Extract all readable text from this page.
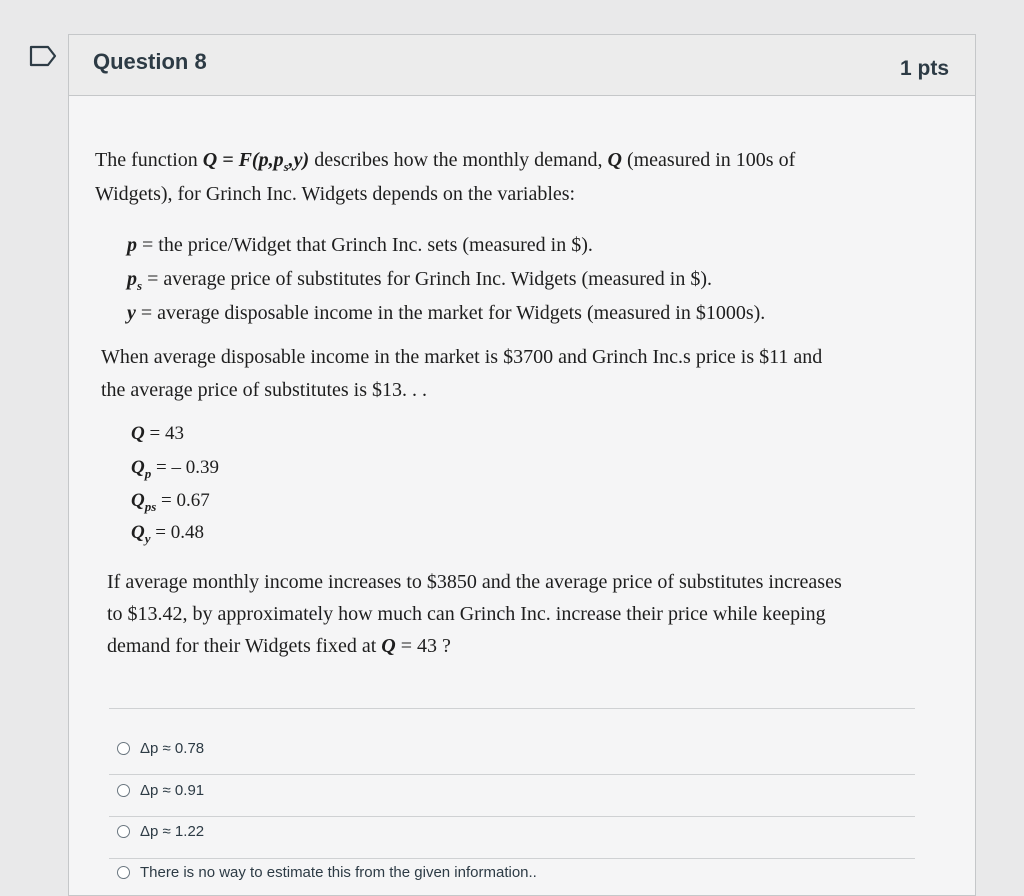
Question 8	1 pts
The function $Q = F(p,p_s,y)$ describes how the monthly demand, Q (measured in 100s of
Widgets), for Grinch Inc. Widgets depends on the variables:
p = the price/Widget that Grinch Inc. sets (measured in $).
$p_s$ = average price of substitutes for Grinch Inc. Widgets (measured in $).
y = average disposable income in the market for Widgets (measured in $1000s).
When average disposable income in the market is $3700 and Grinch Inc.s price is $11 and
the average price of substitutes is $13. . .
Q = 43
$Q_p$ = – 0.39
$Q_{ps} = 0.67$
$Q_y = 0.48$
If average monthly income increases to $3850 and the average price of substitutes increases
to $13.42, by approximately how much can Grinch Inc. increase their price while keeping
demand for their Widgets fixed at Q = 43 ?
Δp ≈ 0.78
Δp ≈ 0.91
Δp ≈ 1.22
There is no way to estimate this from the given information..
